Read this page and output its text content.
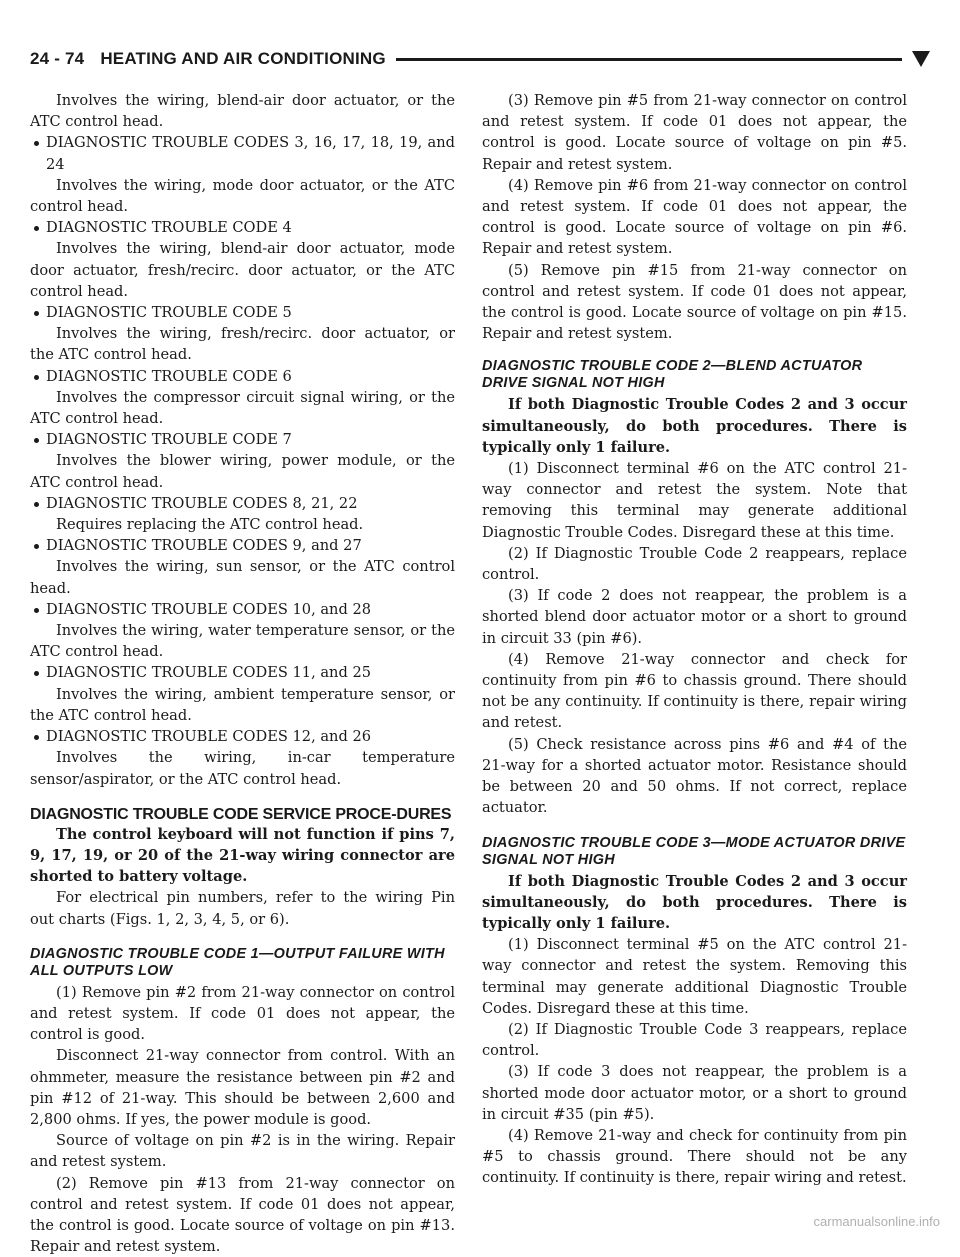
24 - 74 HEATING AND AIR CONDITIONING

Involves the wiring, blend-air door actuator, or the ATC control head.

DIAGNOSTIC TROUBLE CODES 3, 16, 17, 18, 19, and 24

Involves the wiring, mode door actuator, or the ATC control head.

DIAGNOSTIC TROUBLE CODE 4

Involves the wiring, blend-air door actuator, mode door actuator, fresh/recirc. door actuator, or the ATC control head.

DIAGNOSTIC TROUBLE CODE 5

Involves the wiring, fresh/recirc. door actuator, or the ATC control head.

DIAGNOSTIC TROUBLE CODE 6

Involves the compressor circuit signal wiring, or the ATC control head.

DIAGNOSTIC TROUBLE CODE 7

Involves the blower wiring, power module, or the ATC control head.

DIAGNOSTIC TROUBLE CODES 8, 21, 22

Requires replacing the ATC control head.

DIAGNOSTIC TROUBLE CODES 9, and 27

Involves the wiring, sun sensor, or the ATC control head.

DIAGNOSTIC TROUBLE CODES 10, and 28

Involves the wiring, water temperature sensor, or the ATC control head.

DIAGNOSTIC TROUBLE CODES 11, and 25

Involves the wiring, ambient temperature sensor, or the ATC control head.

DIAGNOSTIC TROUBLE CODES 12, and 26

Involves the wiring, in-car temperature sensor/aspirator, or the ATC control head.

DIAGNOSTIC TROUBLE CODE SERVICE PROCE-DURES

The control keyboard will not function if pins 7, 9, 17, 19, or 20 of the 21-way wiring connector are shorted to battery voltage.

For electrical pin numbers, refer to the wiring Pin out charts (Figs. 1, 2, 3, 4, 5, or 6).

DIAGNOSTIC TROUBLE CODE 1—OUTPUT FAILURE WITH ALL OUTPUTS LOW

(1) Remove pin #2 from 21-way connector on control and retest system. If code 01 does not appear, the control is good.

Disconnect 21-way connector from control. With an ohmmeter, measure the resistance between pin #2 and pin #12 of 21-way. This should be between 2,600 and 2,800 ohms. If yes, the power module is good.

Source of voltage on pin #2 is in the wiring. Repair and retest system.

(2) Remove pin #13 from 21-way connector on control and retest system. If code 01 does not appear, the control is good. Locate source of voltage on pin #13. Repair and retest system.

(3) Remove pin #5 from 21-way connector on control and retest system. If code 01 does not appear, the control is good. Locate source of voltage on pin #5. Repair and retest system.

(4) Remove pin #6 from 21-way connector on control and retest system. If code 01 does not appear, the control is good. Locate source of voltage on pin #6. Repair and retest system.

(5) Remove pin #15 from 21-way connector on control and retest system. If code 01 does not appear, the control is good. Locate source of voltage on pin #15. Repair and retest system.

DIAGNOSTIC TROUBLE CODE 2—BLEND ACTUATOR DRIVE SIGNAL NOT HIGH

If both Diagnostic Trouble Codes 2 and 3 occur simultaneously, do both procedures. There is typically only 1 failure.

(1) Disconnect terminal #6 on the ATC control 21-way connector and retest the system. Note that removing this terminal may generate additional Diagnostic Trouble Codes. Disregard these at this time.

(2) If Diagnostic Trouble Code 2 reappears, replace control.

(3) If code 2 does not reappear, the problem is a shorted blend door actuator motor or a short to ground in circuit 33 (pin #6).

(4) Remove 21-way connector and check for continuity from pin #6 to chassis ground. There should not be any continuity. If continuity is there, repair wiring and retest.

(5) Check resistance across pins #6 and #4 of the 21-way for a shorted actuator motor. Resistance should be between 20 and 50 ohms. If not correct, replace actuator.

DIAGNOSTIC TROUBLE CODE 3—MODE ACTUATOR DRIVE SIGNAL NOT HIGH

If both Diagnostic Trouble Codes 2 and 3 occur simultaneously, do both procedures. There is typically only 1 failure.

(1) Disconnect terminal #5 on the ATC control 21-way connector and retest the system. Removing this terminal may generate additional Diagnostic Trouble Codes. Disregard these at this time.

(2) If Diagnostic Trouble Code 3 reappears, replace control.

(3) If code 3 does not reappear, the problem is a shorted mode door actuator motor, or a short to ground in circuit #35 (pin #5).

(4) Remove 21-way and check for continuity from pin #5 to chassis ground. There should not be any continuity. If continuity is there, repair wiring and retest.

carmanualsonline.info
